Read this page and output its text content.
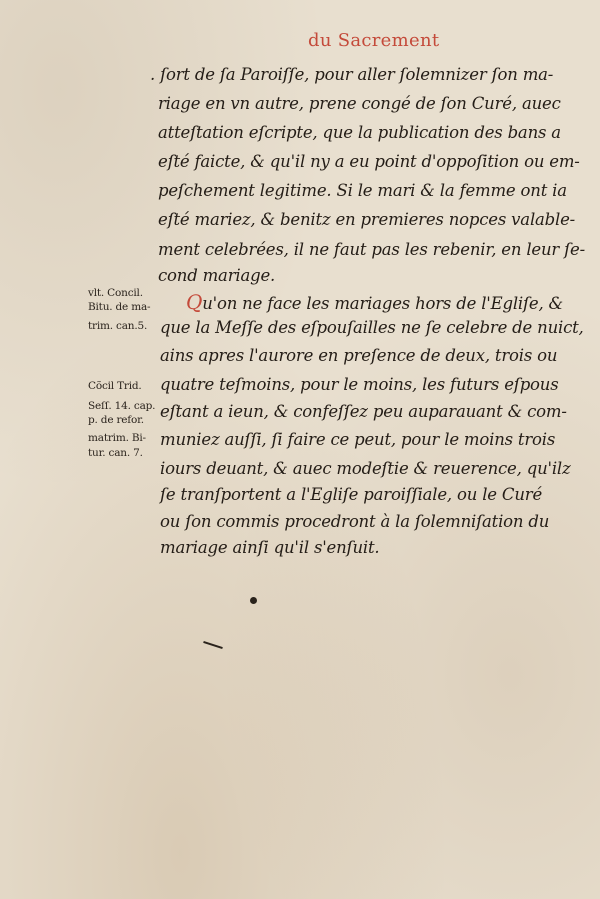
du Sacrement
. ſort de ſa Paroiſſe, pour aller ſolemnizer ſon ma-
riage en vn autre, prene congé de ſon Curé, auec
atteſtation eſcripte, que la publication des bans a
eſté faicte, & qu'il ny a eu point d'oppoſition ou em-
peſchement legitime. Si le mari & la femme ont ia
eſté mariez, & benitz en premieres nopces valable-
ment celebrées, il ne faut pas les rebenir, en leur ſe-
cond mariage.
Qu'on ne face les mariages hors de l'Egliſe, &
que la Meſſe des eſpouſailles ne ſe celebre de nuict,
ains apres l'aurore en preſence de deux, trois ou
quatre teſmoins, pour le moins, les futurs eſpous
eſtant a ieun, & confeſſez peu auparauant & com-
muniez auſſi, ſi faire ce peut, pour le moins trois
iours deuant, & auec modeſtie & reuerence, qu'ilz
ſe tranſportent a l'Egliſe paroiſſiale, ou le Curé
ou ſon commis procedront à la ſolemniſation du
mariage ainſi qu'il s'enſuit.
vlt. Concil.
Bitu. de ma-
trim. can.5.
Cõcil Trid.
Seſſ. 14. cap.
p. de refor.
matrim. Bi-
tur. can. 7.
